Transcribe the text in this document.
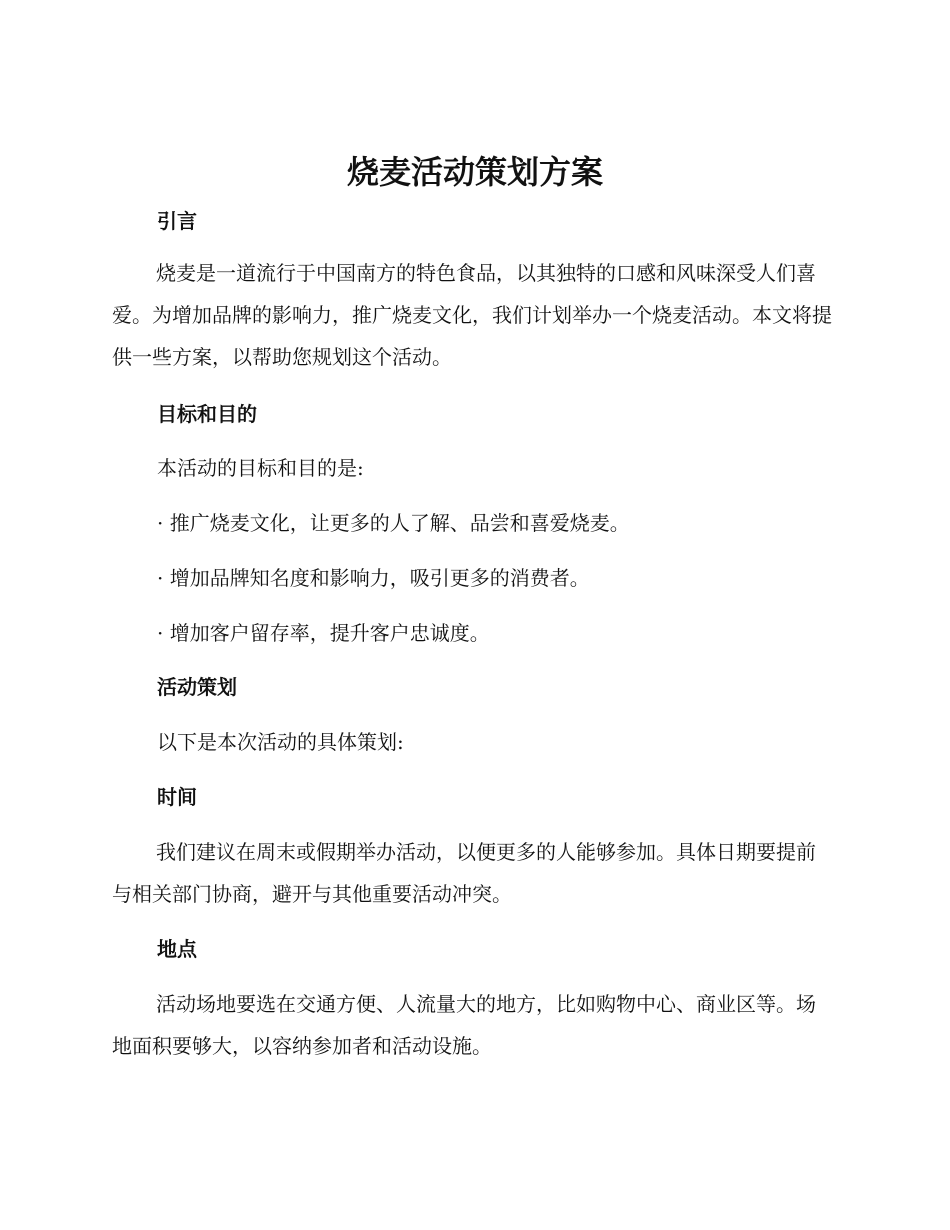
烧麦活动策划方案
引言

烧麦是一道流行于中国南方的特色食品，以其独特的口感和风味深受人们喜爱。为增加品牌的影响力，推广烧麦文化，我们计划举办一个烧麦活动。本文将提供一些方案，以帮助您规划这个活动。

目标和目的

本活动的目标和目的是:

· 推广烧麦文化，让更多的人了解、品尝和喜爱烧麦。

· 增加品牌知名度和影响力，吸引更多的消费者。

· 增加客户留存率，提升客户忠诚度。

活动策划

以下是本次活动的具体策划:

时间

我们建议在周末或假期举办活动，以便更多的人能够参加。具体日期要提前与相关部门协商，避开与其他重要活动冲突。

地点

活动场地要选在交通方便、人流量大的地方，比如购物中心、商业区等。场地面积要够大，以容纳参加者和活动设施。
